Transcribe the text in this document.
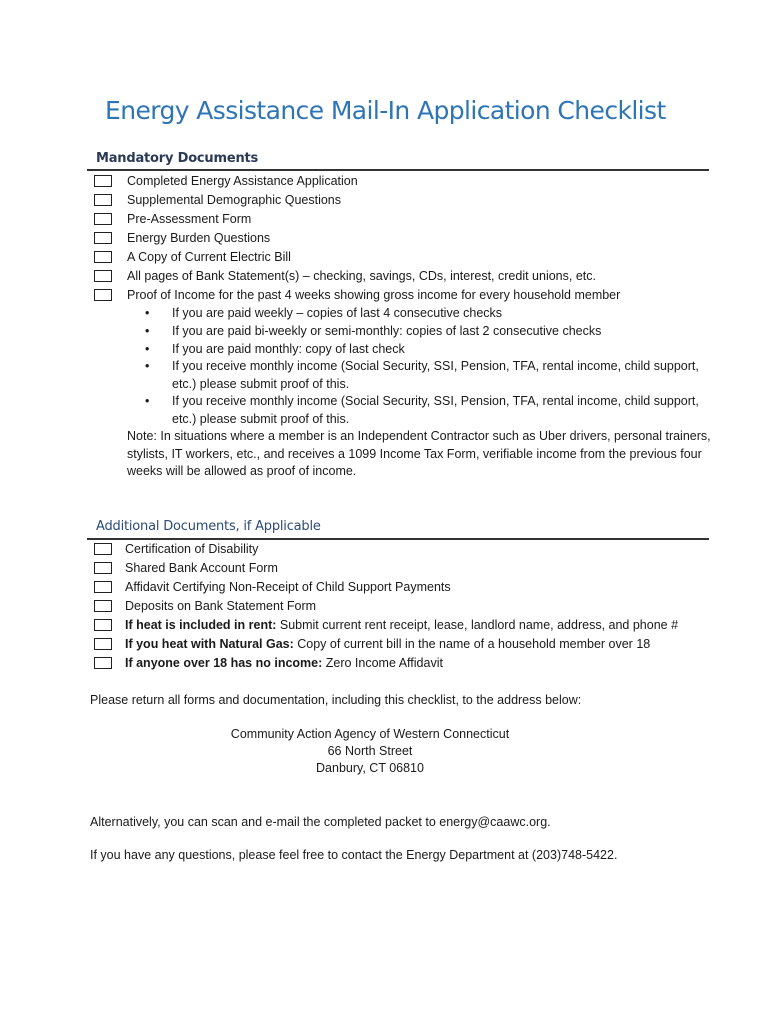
Energy Assistance Mail-In Application Checklist
Mandatory Documents
Completed Energy Assistance Application
Supplemental Demographic Questions
Pre-Assessment Form
Energy Burden Questions
A Copy of Current Electric Bill
All pages of Bank Statement(s) – checking, savings, CDs, interest, credit unions, etc.
Proof of Income for the past 4 weeks showing gross income for every household member
• If you are paid weekly – copies of last 4 consecutive checks
• If you are paid bi-weekly or semi-monthly: copies of last 2 consecutive checks
• If you are paid monthly: copy of last check
• If you receive monthly income (Social Security, SSI, Pension, TFA, rental income, child support, etc.) please submit proof of this.
• If you receive monthly income (Social Security, SSI, Pension, TFA, rental income, child support, etc.) please submit proof of this.
Note: In situations where a member is an Independent Contractor such as Uber drivers, personal trainers, stylists, IT workers, etc., and receives a 1099 Income Tax Form, verifiable income from the previous four weeks will be allowed as proof of income.
Additional Documents, if Applicable
Certification of Disability
Shared Bank Account Form
Affidavit Certifying Non-Receipt of Child Support Payments
Deposits on Bank Statement Form
If heat is included in rent: Submit current rent receipt, lease, landlord name, address, and phone #
If you heat with Natural Gas: Copy of current bill in the name of a household member over 18
If anyone over 18 has no income: Zero Income Affidavit
Please return all forms and documentation, including this checklist, to the address below:
Community Action Agency of Western Connecticut
66 North Street
Danbury, CT 06810
Alternatively, you can scan and e-mail the completed packet to energy@caawc.org.
If you have any questions, please feel free to contact the Energy Department at (203)748-5422.
